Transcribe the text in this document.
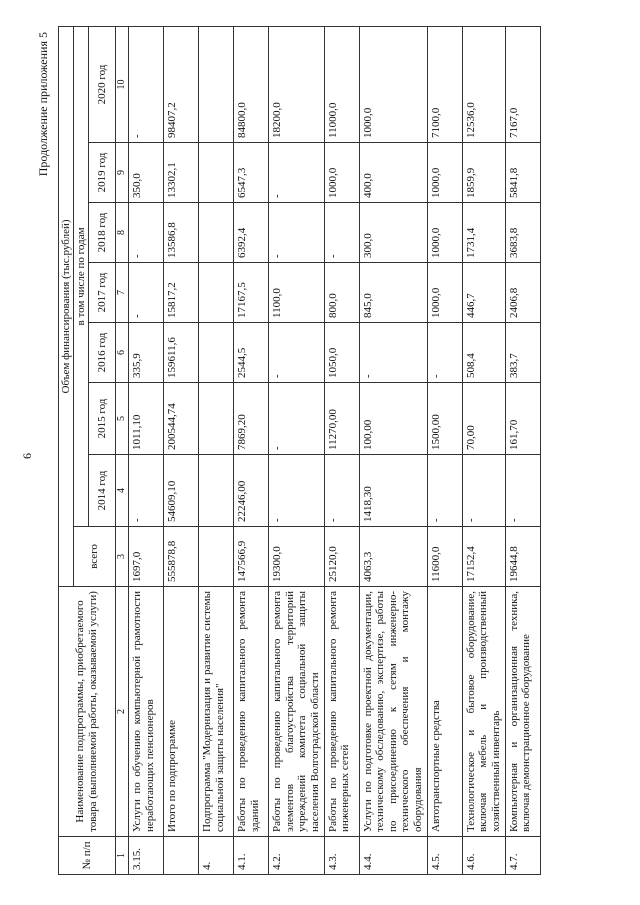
6
Продолжение приложения 5
№ п/п	Наименование подпрограммы, приобретаемого товара (выполняемой работы, оказываемой услуги)	Объем финансирования (тыс.рублей)							
		всего	в том числе по годам						
			2014 год	2015 год	2016 год	2017 год	2018 год	2019 год	2020 год
1	2	3	4	5	6	7	8	9	10
3.15.	Услуги по обучению компьютерной грамотности неработающих пенсионеров	1697,0	-	1011,10	335,9	-	-	350,0	-
	Итого по подпрограмме	555878,8	54609,10	200544,74	159611,6	15817,2	13586,8	13302,1	98407,2
4.	Подпрограмма "Модернизация и развитие системы социальной защиты населения"								
4.1.	Работы по проведению капитального ремонта зданий	147566,9	22246,00	7869,20	2544,5	17167,5	6392,4	6547,3	84800,0
4.2.	Работы по проведению капитального ремонта элементов благоустройства территорий учреждений комитета социальной защиты населения Волгоградской области	19300,0	-	-	-	1100,0	-	-	18200,0
4.3.	Работы по проведению капитального ремонта инженерных сетей	25120,0	-	11270,00	1050,0	800,0	-	1000,0	11000,0
4.4.	Услуги по подготовке проектной документации, техническому обследованию, экспертизе, работы по присоединению к сетям инженерно-технического обеспечения и монтажу оборудования	4063,3	1418,30	100,00	-	845,0	300,0	400,0	1000,0
4.5.	Автотранспортные средства	11600,0	-	1500,00	-	1000,0	1000,0	1000,0	7100,0
4.6.	Технологическое и бытовое оборудование, включая мебель и производственный хозяйственный инвентарь	17152,4	-	70,00	508,4	446,7	1731,4	1859,9	12536,0
4.7.	Компьютерная и организационная техника, включая демонстрационное оборудование	19644,8	-	161,70	383,7	2406,8	3683,8	5841,8	7167,0
